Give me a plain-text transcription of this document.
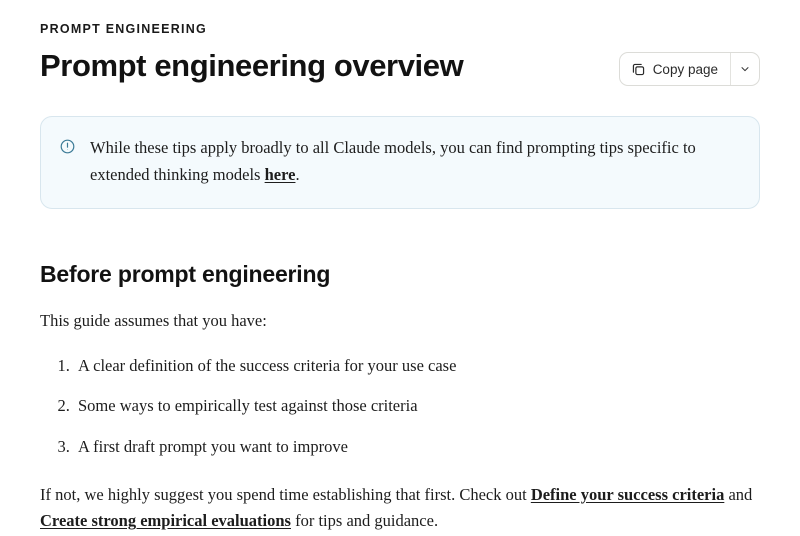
PROMPT ENGINEERING
Prompt engineering overview	Copy page
While these tips apply broadly to all Claude models, you can find prompting tips specific to extended thinking models here.
Before prompt engineering

This guide assumes that you have:

1. A clear definition of the success criteria for your use case
2. Some ways to empirically test against those criteria
3. A first draft prompt you want to improve

If not, we highly suggest you spend time establishing that first. Check out Define your success criteria and Create strong empirical evaluations for tips and guidance.
